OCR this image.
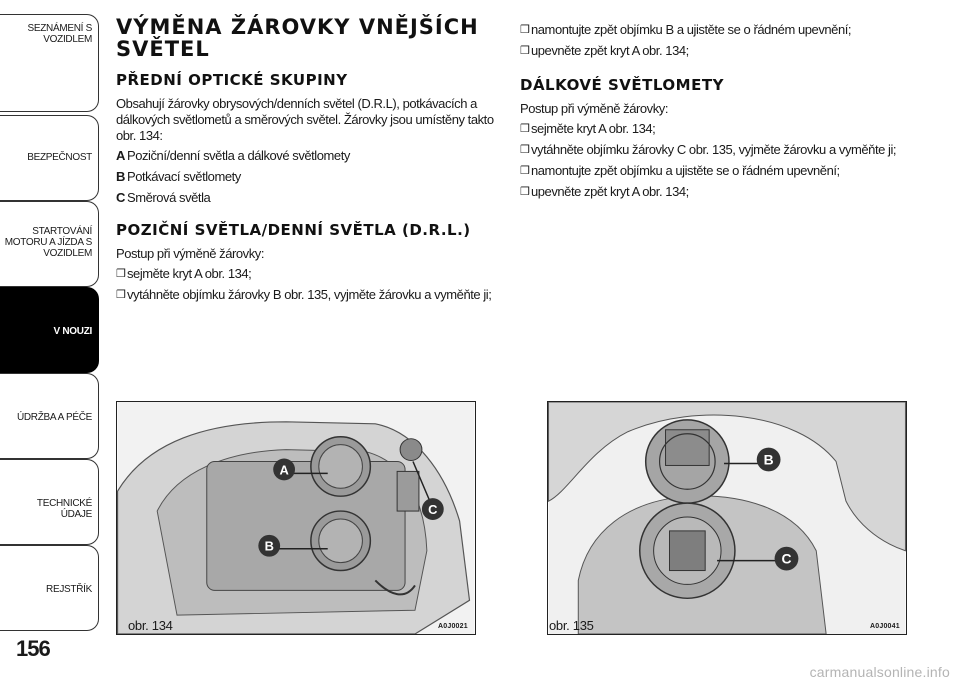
SEZNÁMENÍ S
VOZIDLEM
BEZPEČNOST
STARTOVÁNÍ
MOTORU A JÍZDA S
VOZIDLEM
V NOUZI
ÚDRŽBA A PÉČE
TECHNICKÉ ÚDAJE
REJSTŘÍK
156
VÝMĚNA ŽÁROVKY VNĚJŠÍCH SVĚTEL
PŘEDNÍ OPTICKÉ SKUPINY

Obsahují žárovky obrysových/denních světel (D.R.L), potkávacích a dálkových světlometů a směrových světel. Žárovky jsou umístěny takto obr. 134:

A Poziční/denní světla a dálkové světlomety
B Potkávací světlomety
C Směrová světla
POZIČNÍ SVĚTLA/DENNÍ SVĚTLA (D.R.L.)

Postup při výměně žárovky:

❒ sejměte kryt A obr. 134;
❒ vytáhněte objímku žárovky B obr. 135, vyjměte žárovku a vyměňte ji;
❒ namontujte zpět objímku B a ujistěte se o řádném upevnění;
❒ upevněte zpět kryt A obr. 134;
DÁLKOVÉ SVĚTLOMETY

Postup při výměně žárovky:

❒ sejměte kryt A obr. 134;
❒ vytáhněte objímku žárovky C obr. 135, vyjměte žárovku a vyměňte ji;
❒ namontujte zpět objímku a ujistěte se o řádném upevnění;
❒ upevněte zpět kryt A obr. 134;
A
B
C
obr. 134	A0J0021
B
C
obr. 135	A0J0041
carmanualsonline.info
